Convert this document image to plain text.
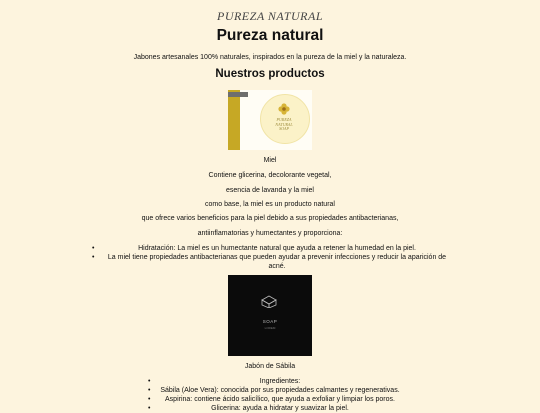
PUREZA NATURAL
Pureza natural
Jabones artesanales 100% naturales, inspirados en la pureza de la miel y la naturaleza.
Nuestros productos
PUREZA
NATURAL
SOAP
Miel
Contiene glicerina, decolorante vegetal,
esencia de lavanda y la miel
como base, la miel es un producto natural
que ofrece varios beneficios para la piel debido a sus propiedades antibacterianas,
antiinflamatorias y humectantes y proporciona:
• Hidratación: La miel es un humectante natural que ayuda a retener la humedad en la piel.
• La miel tiene propiedades antibacterianas que pueden ayudar a prevenir infecciones y reducir la aparición de acné.
SOAP
LOREM
Jabón de Sábila
• Ingredientes:
• Sábila (Aloe Vera): conocida por sus propiedades calmantes y regenerativas.
• Aspirina: contiene ácido salicílico, que ayuda a exfoliar y limpiar los poros.
• Glicerina: ayuda a hidratar y suavizar la piel.
